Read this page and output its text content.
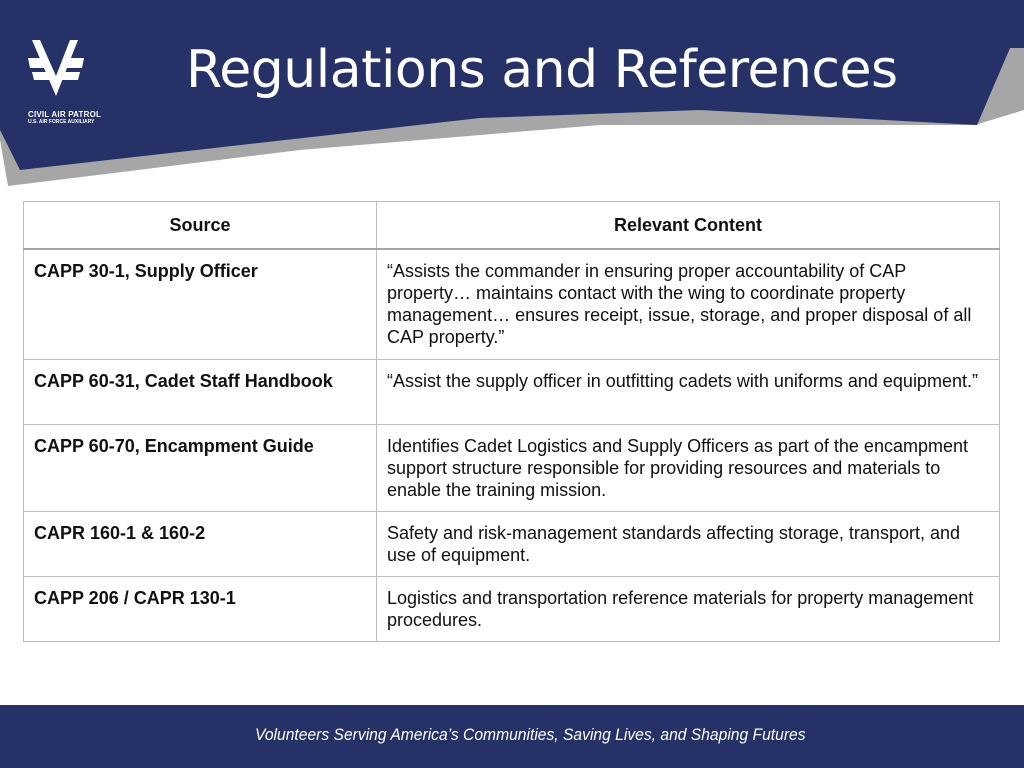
CIVIL AIR PATROL
U.S. AIR FORCE AUXILIARY
Regulations and References
Source	Relevant Content
CAPP 30-1, Supply Officer	“Assists the commander in ensuring proper accountability of CAP property… maintains contact with the wing to coordinate property management… ensures receipt, issue, storage, and proper disposal of all CAP property.”
CAPP 60-31, Cadet Staff Handbook	“Assist the supply officer in outfitting cadets with uniforms and equipment.”
CAPP 60-70, Encampment Guide	Identifies Cadet Logistics and Supply Officers as part of the encampment support structure responsible for providing resources and materials to enable the training mission.
CAPR 160-1 & 160-2	Safety and risk-management standards affecting storage, transport, and use of equipment.
CAPP 206 / CAPR 130-1	Logistics and transportation reference materials for property management procedures.

Volunteers Serving America’s Communities, Saving Lives, and Shaping Futures
